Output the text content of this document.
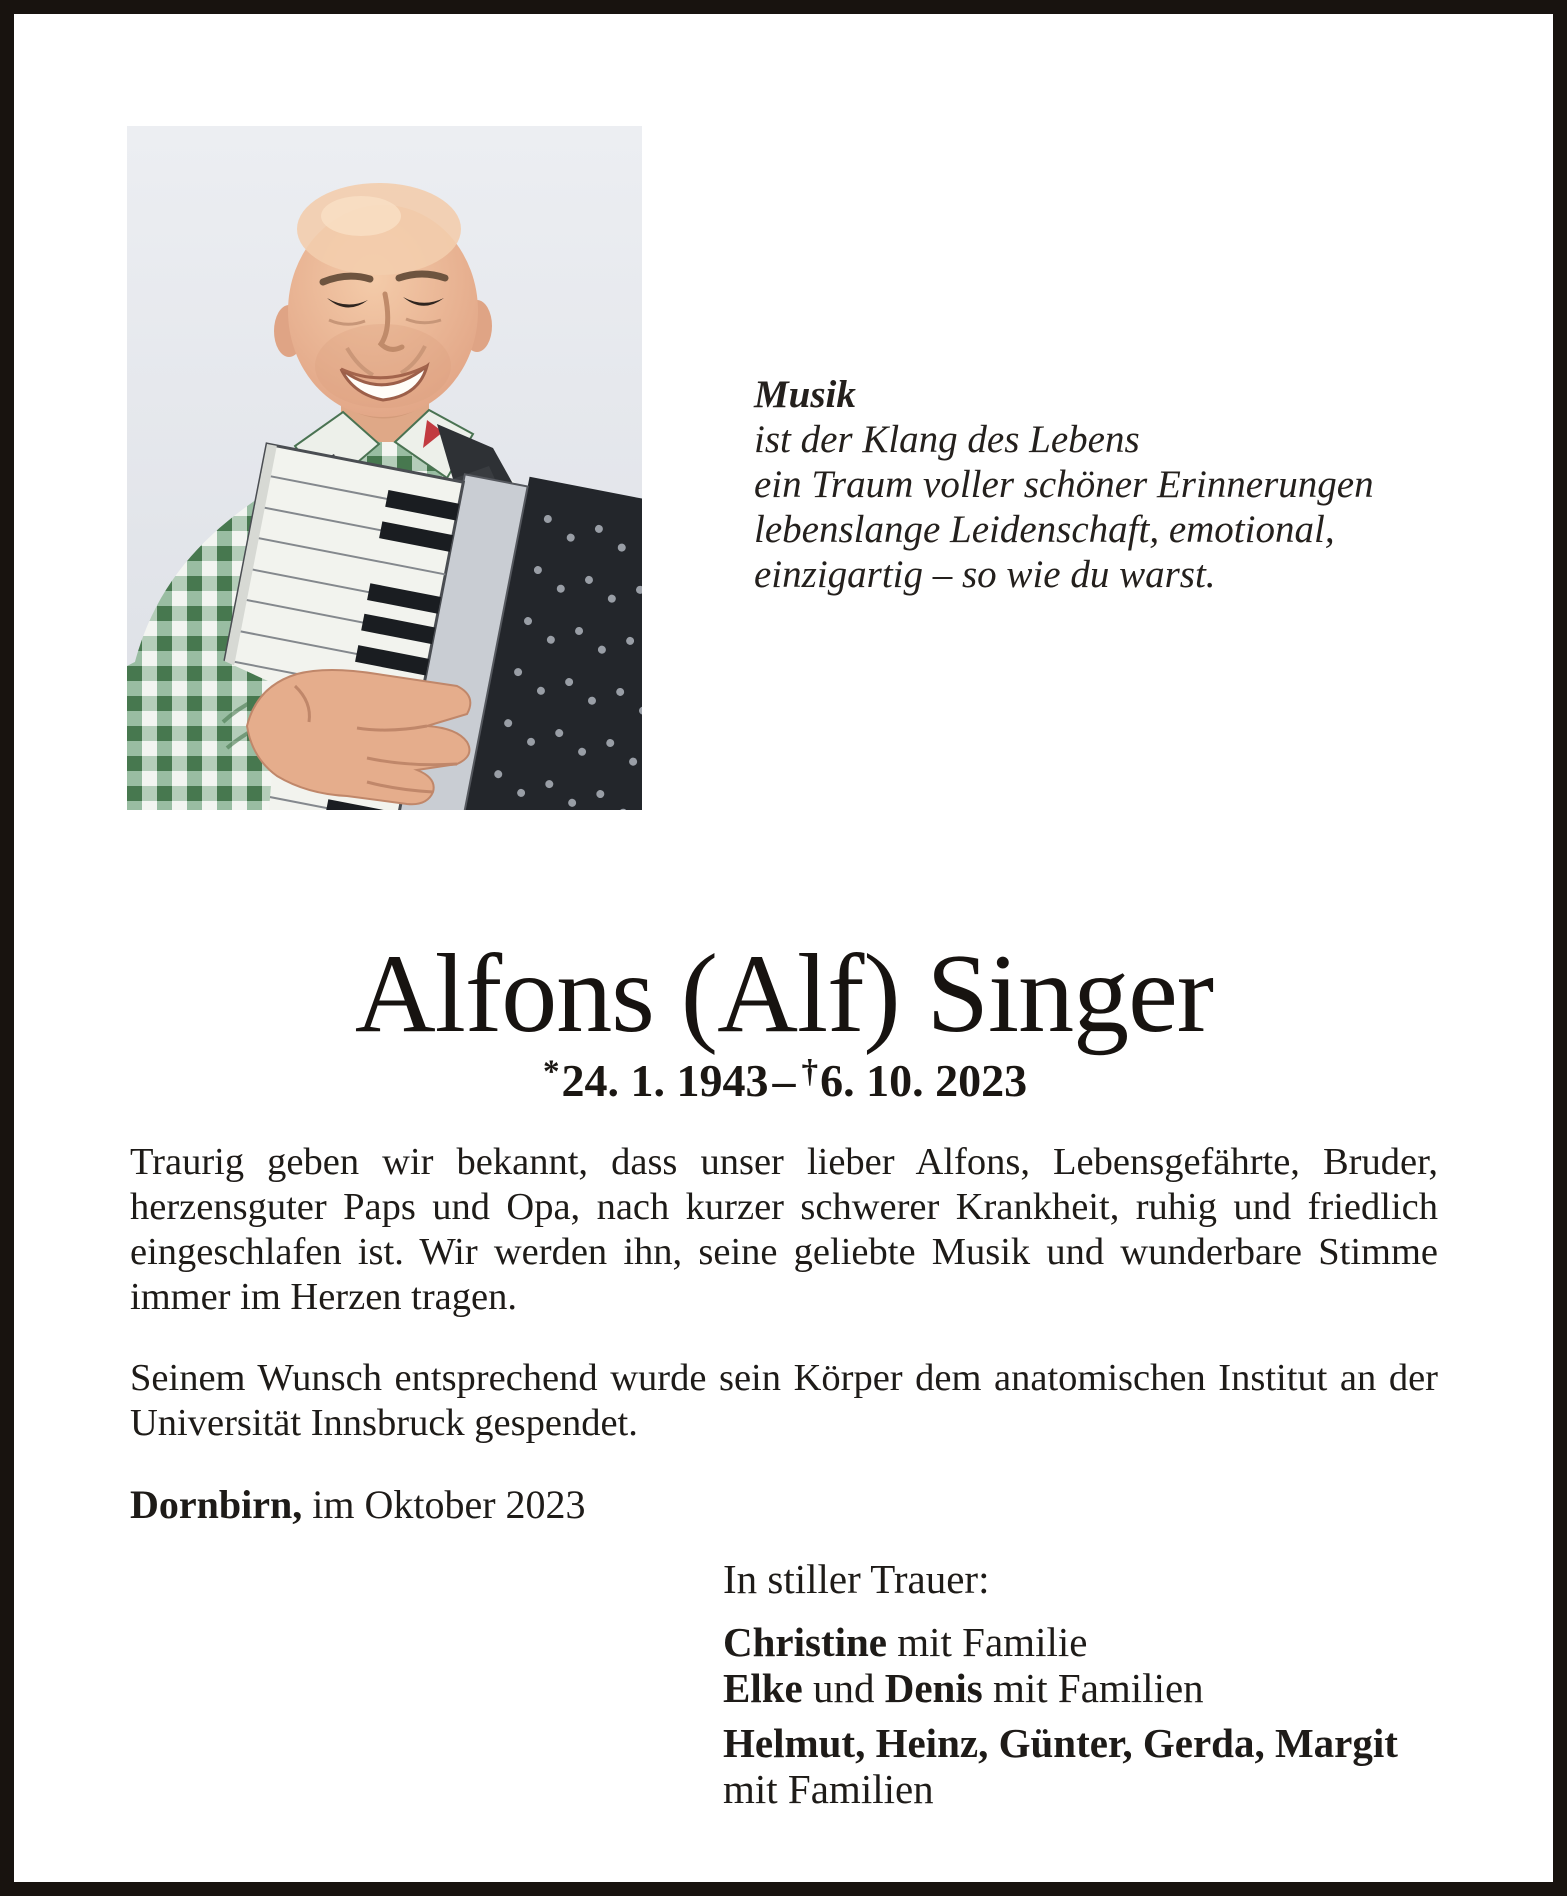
Musik
ist der Klang des Lebens
ein Traum voller schöner Erinnerungen
lebenslange Leidenschaft, emotional,
einzigartig – so wie du warst.
Alfons (Alf) Singer
*24. 1. 1943– †6. 10. 2023
Traurig geben wir bekannt, dass unser lieber Alfons, Lebensgefährte, Bruder, herzensguter Paps und Opa, nach kurzer schwerer Krankheit, ruhig und friedlich eingeschlafen ist. Wir werden ihn, seine geliebte Musik und wunderbare Stimme immer im Herzen tragen.
Seinem Wunsch entsprechend wurde sein Körper dem anatomischen Institut an der Universität Innsbruck gespendet.
Dornbirn, im Oktober 2023
In stiller Trauer:
Christine mit Familie
Elke und Denis mit Familien
Helmut, Heinz, Günter, Gerda, Margit
mit Familien
